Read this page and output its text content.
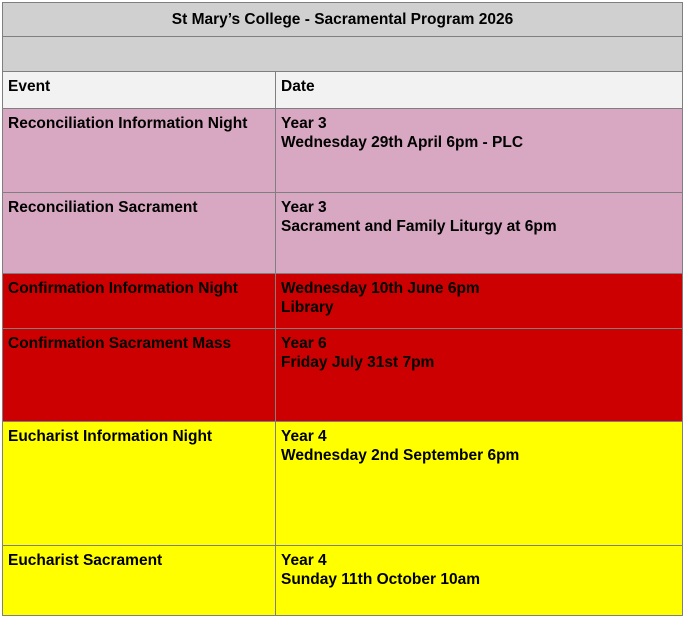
St Mary’s College - Sacramental Program 2026	

Event	Date
Reconciliation Information Night	Year 3
Wednesday 29th April 6pm - PLC

Reconciliation Sacrament	Year 3
Sacrament and Family Liturgy at 6pm

Confirmation Information Night	Wednesday 10th June 6pm
Library

Confirmation Sacrament Mass	Year 6
Friday July 31st 7pm

Eucharist Information Night	Year 4
Wednesday 2nd September 6pm

Eucharist Sacrament	Year 4
Sunday 11th October 10am
